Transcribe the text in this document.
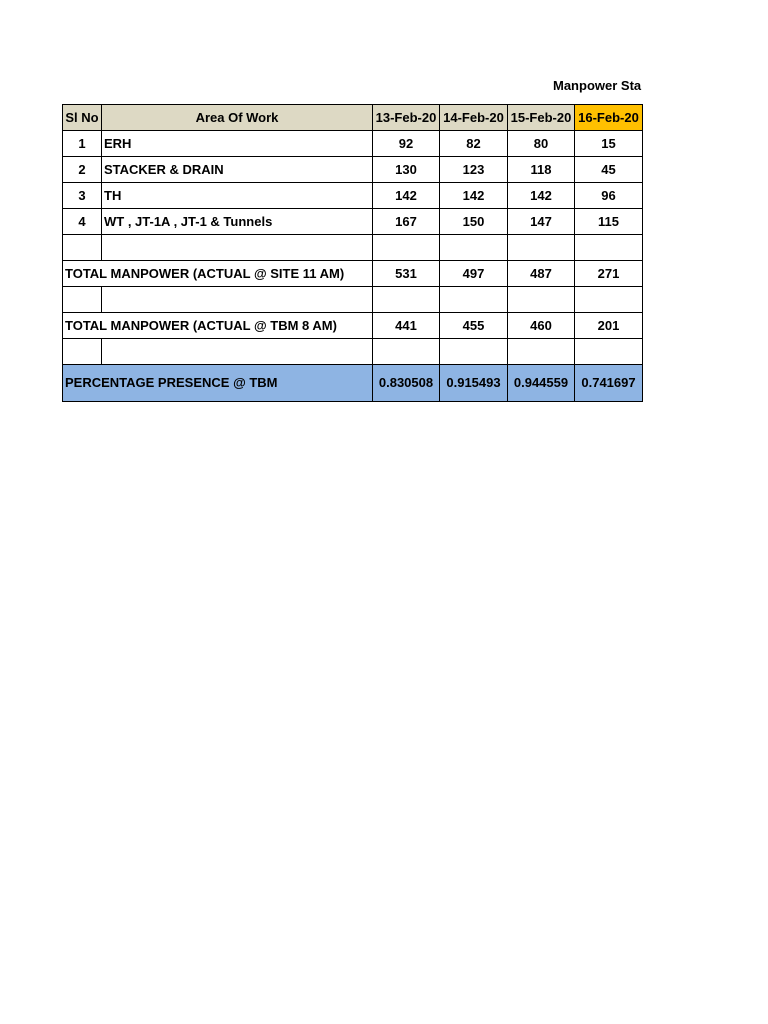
Manpower Sta
Sl No	Area Of Work	13-Feb-20	14-Feb-20	15-Feb-20	16-Feb-20
1	ERH	92	82	80	15
2	STACKER & DRAIN	130	123	118	45
3	TH	142	142	142	96
4	WT , JT-1A , JT-1 & Tunnels	167	150	147	115

TOTAL MANPOWER (ACTUAL @ SITE 11 AM)		531	497	487	271

TOTAL MANPOWER (ACTUAL @ TBM 8 AM)		441	455	460	201

PERCENTAGE PRESENCE @ TBM		0.830508	0.915493	0.944559	0.741697
